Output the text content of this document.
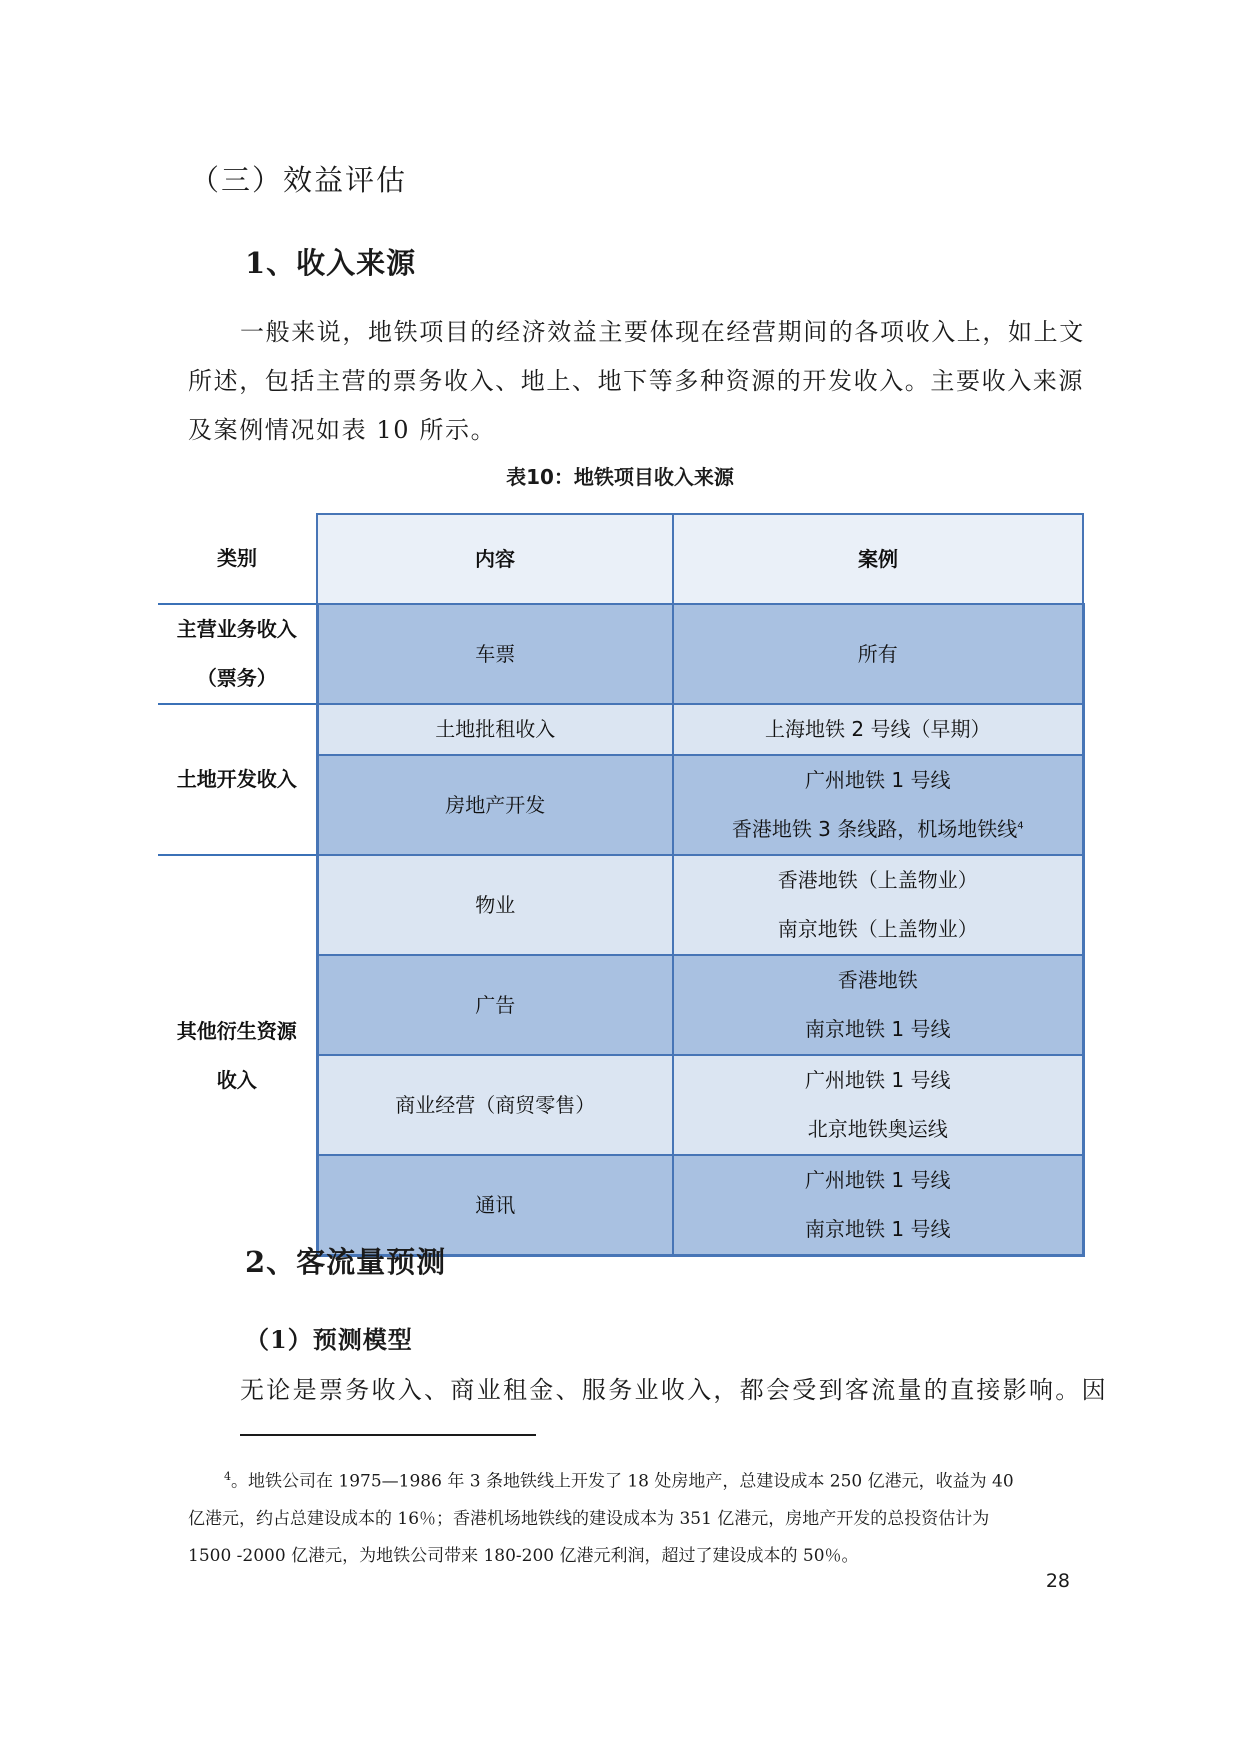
（三）效益评估
1、收入来源
一般来说，地铁项目的经济效益主要体现在经营期间的各项收入上，如上文
所述，包括主营的票务收入、地上、地下等多种资源的开发收入。主要收入来源
及案例情况如表 10 所示。
表10：地铁项目收入来源
类别	内容	案例

主营业务收入
（票务）	车票	所有

土地开发收入	土地批租收入	上海地铁 2 号线（早期）

	房地产开发	广州地铁 1 号线
香港地铁 3 条线路，机场地铁线$^4$

其他衍生资源
收入	物业	香港地铁（上盖物业）
南京地铁（上盖物业）

	广告	香港地铁
南京地铁 1 号线

	商业经营（商贸零售）	广州地铁 1 号线
北京地铁奥运线

	通讯	广州地铁 1 号线
南京地铁 1 号线
2、客流量预测
（1）预测模型
无论是票务收入、商业租金、服务业收入，都会受到客流量的直接影响。因
$^4$。地铁公司在 1975—1986 年 3 条地铁线上开发了 18 处房地产，总建设成本 250 亿港元，收益为 40
亿港元，约占总建设成本的 16％；香港机场地铁线的建设成本为 351 亿港元，房地产开发的总投资估计为
1500 -2000 亿港元，为地铁公司带来 180-200 亿港元利润，超过了建设成本的 50％。
28
